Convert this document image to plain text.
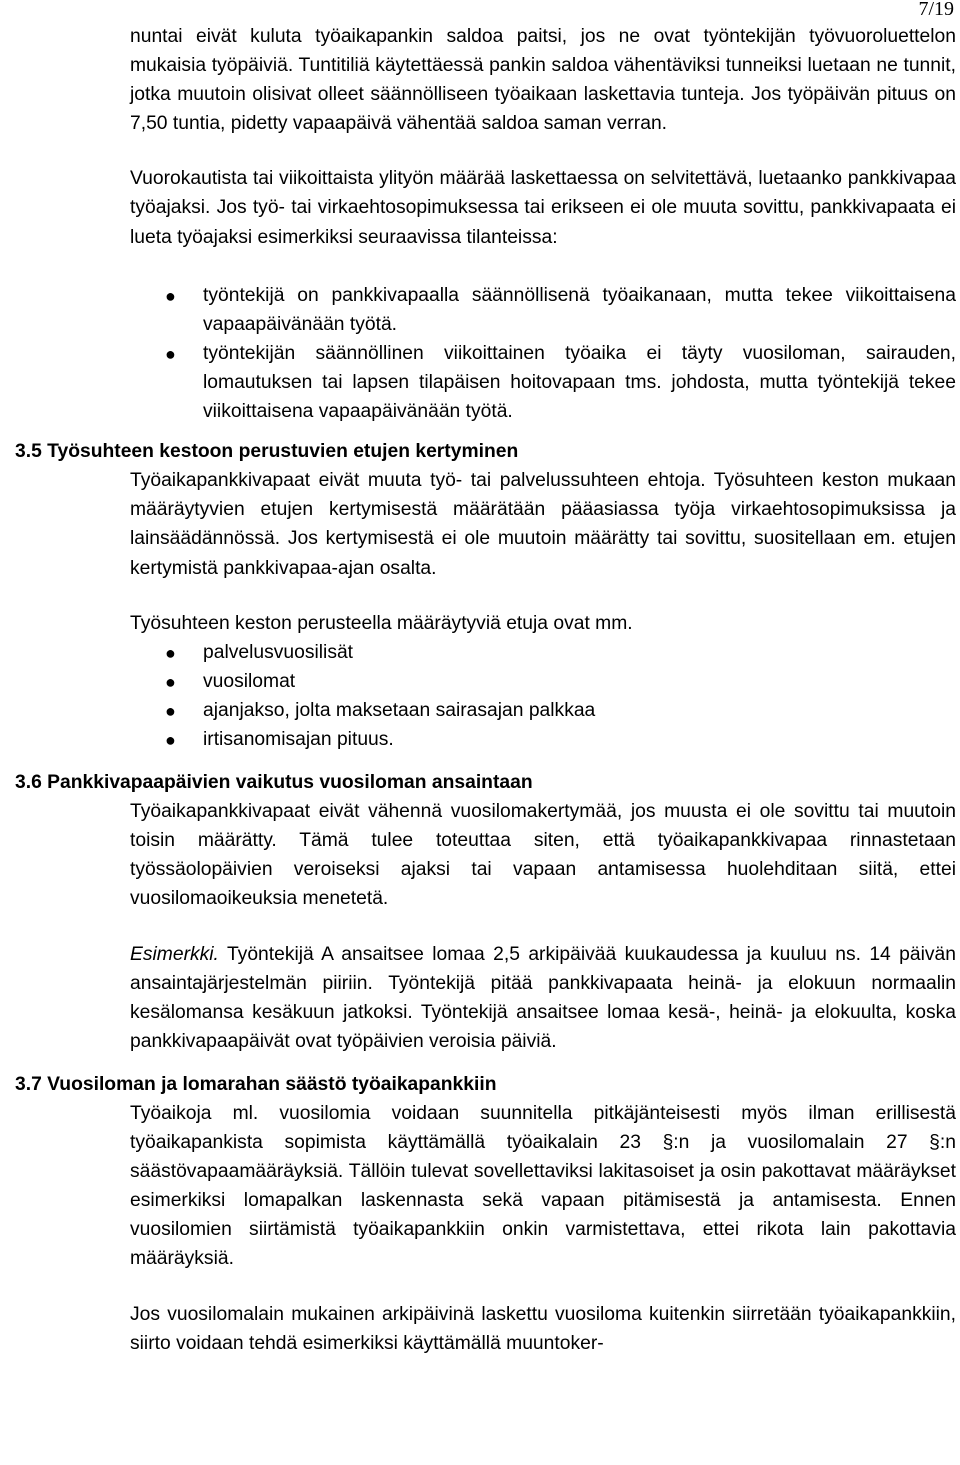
7/19

nuntai eivät kuluta työaikapankin saldoa paitsi, jos ne ovat työntekijän työvuoroluettelon mukaisia työpäiviä. Tuntitiliä käytettäessä pankin saldoa vähentäviksi tunneiksi luetaan ne tunnit, jotka muutoin olisivat olleet säännölliseen työaikaan laskettavia tunteja. Jos työpäivän pituus on 7,50 tuntia, pidetty vapaapäivä vähentää saldoa saman verran.

Vuorokautista tai viikoittaista ylityön määrää laskettaessa on selvitettävä, luetaanko pankkivapaa työajaksi. Jos työ- tai virkaehtosopimuksessa tai erikseen ei ole muuta sovittu, pankkivapaata ei lueta työajaksi esimerkiksi seuraavissa tilanteissa:

● työntekijä on pankkivapaalla säännöllisenä työaikanaan, mutta tekee viikoittaisena vapaapäivänään työtä.
● työntekijän säännöllinen viikoittainen työaika ei täyty vuosiloman, sairauden, lomautuksen tai lapsen tilapäisen hoitovapaan tms. johdosta, mutta työntekijä tekee viikoittaisena vapaapäivänään työtä.
3.5 Työsuhteen kestoon perustuvien etujen kertyminen

Työaikapankkivapaat eivät muuta työ- tai palvelussuhteen ehtoja. Työsuhteen keston mukaan määräytyvien etujen kertymisestä määrätään pääasiassa työja virkaehtosopimuksissa ja lainsäädännössä. Jos kertymisestä ei ole muutoin määrätty tai sovittu, suositellaan em. etujen kertymistä pankkivapaa-ajan osalta.

Työsuhteen keston perusteella määräytyviä etuja ovat mm.

● palvelusvuosilisät
● vuosilomat
● ajanjakso, jolta maksetaan sairasajan palkkaa
● irtisanomisajan pituus.
3.6 Pankkivapaapäivien vaikutus vuosiloman ansaintaan

Työaikapankkivapaat eivät vähennä vuosilomakertymää, jos muusta ei ole sovittu tai muutoin toisin määrätty. Tämä tulee toteuttaa siten, että työaikapankkivapaa rinnastetaan työssäolopäivien veroiseksi ajaksi tai vapaan antamisessa huolehditaan siitä, ettei vuosilomaoikeuksia menetetä.

Esimerkki. Työntekijä A ansaitsee lomaa 2,5 arkipäivää kuukaudessa ja kuuluu ns. 14 päivän ansaintajärjestelmän piiriin. Työntekijä pitää pankkivapaata heinä- ja elokuun normaalin kesälomansa kesäkuun jatkoksi. Työntekijä ansaitsee lomaa kesä-, heinä- ja elokuulta, koska pankkivapaapäivät ovat työpäivien veroisia päiviä.

3.7 Vuosiloman ja lomarahan säästö työaikapankkiin

Työaikoja ml. vuosilomia voidaan suunnitella pitkäjänteisesti myös ilman erillisestä työaikapankista sopimista käyttämällä työaikalain 23 §:n ja vuosilomalain 27 §:n säästövapaamääräyksiä. Tällöin tulevat sovellettaviksi lakitasoiset ja osin pakottavat määräykset esimerkiksi lomapalkan laskennasta sekä vapaan pitämisestä ja antamisesta. Ennen vuosilomien siirtämistä työaikapankkiin onkin varmistettava, ettei rikota lain pakottavia määräyksiä.

Jos vuosilomalain mukainen arkipäivinä laskettu vuosiloma kuitenkin siirretään työaikapankkiin, siirto voidaan tehdä esimerkiksi käyttämällä muuntoker-
